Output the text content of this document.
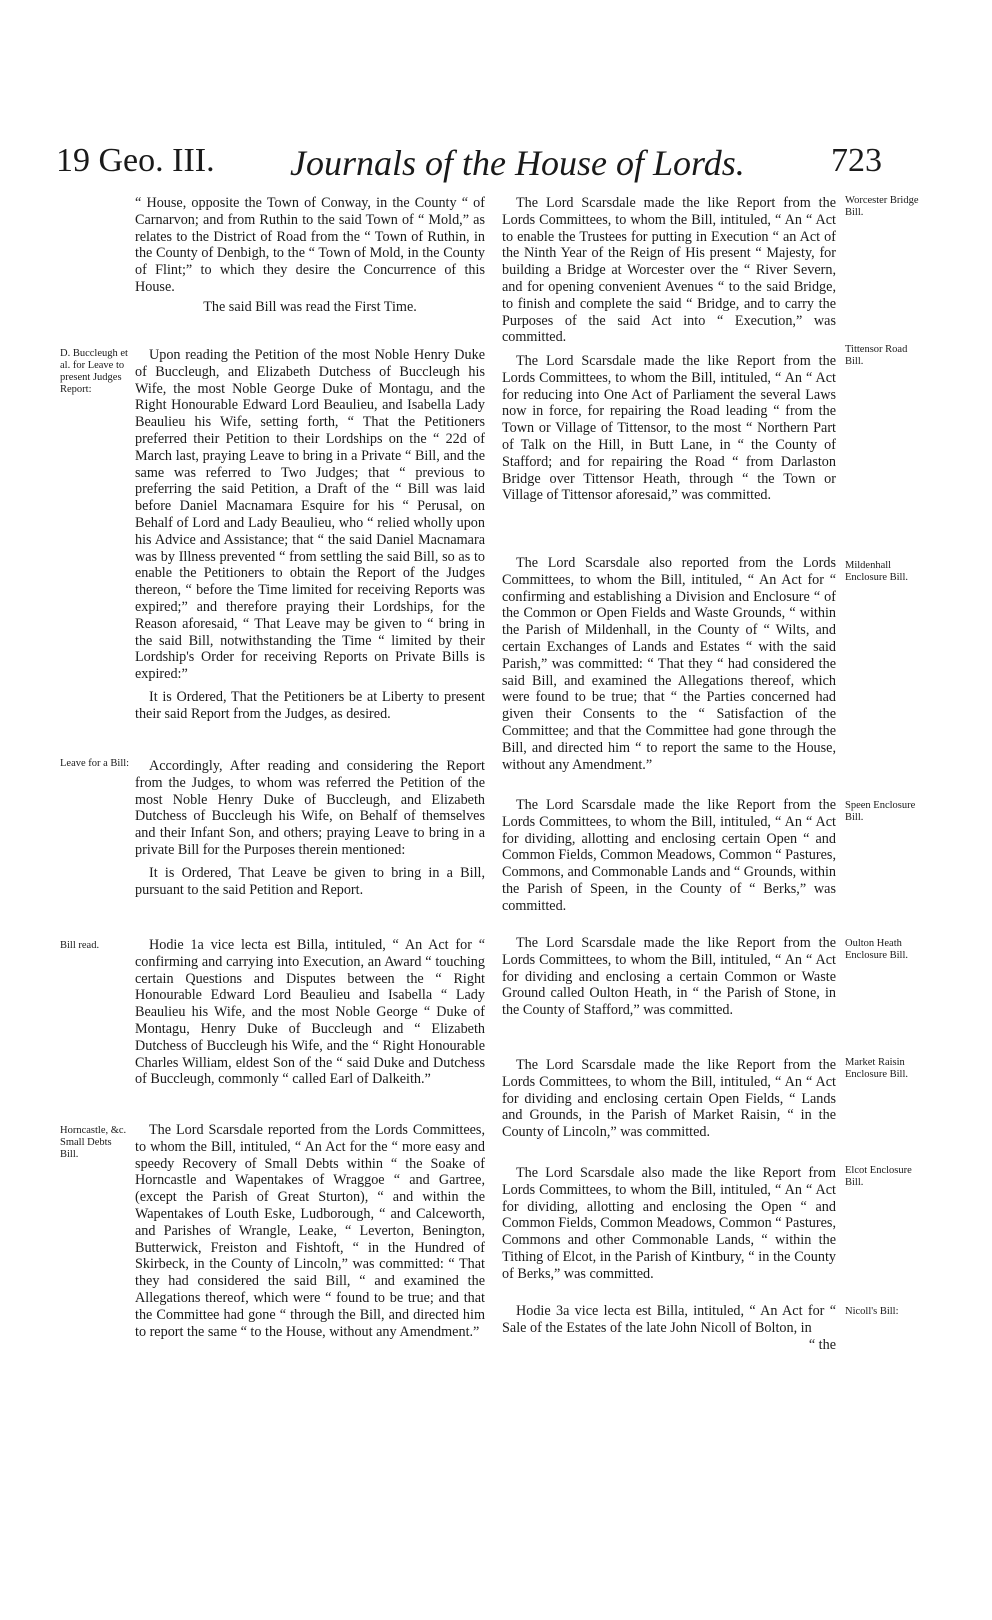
19 Geo. III. Journals of the House of Lords.	723
D. Buccleugh et al. for Leave to present Judges Report:
Leave for a Bill:
Bill read.
Horncastle, &c. Small Debts Bill.
Worcester Bridge Bill.
Tittensor Road Bill.
Mildenhall Enclosure Bill.
Speen Enclosure Bill.
Oulton Heath Enclosure Bill.
Market Raisin Enclosure Bill.
Elcot Enclosure Bill.
Nicoll's Bill:

“ House, opposite the Town of Conway, in the County “ of Carnarvon; and from Ruthin to the said Town of “ Mold,” as relates to the District of Road from the “ Town of Ruthin, in the County of Denbigh, to the “ Town of Mold, in the County of Flint;” to which they desire the Concurrence of this House.

The said Bill was read the First Time.

Upon reading the Petition of the most Noble Henry Duke of Buccleugh, and Elizabeth Dutchess of Buccleugh his Wife, the most Noble George Duke of Montagu, and the Right Honourable Edward Lord Beaulieu, and Isabella Lady Beaulieu his Wife, setting forth, “ That the Petitioners preferred their Petition to their Lordships on the “ 22d of March last, praying Leave to bring in a Private “ Bill, and the same was referred to Two Judges; that “ previous to preferring the said Petition, a Draft of the “ Bill was laid before Daniel Macnamara Esquire for his “ Perusal, on Behalf of Lord and Lady Beaulieu, who “ relied wholly upon his Advice and Assistance; that “ the said Daniel Macnamara was by Illness prevented “ from settling the said Bill, so as to enable the Petitioners to obtain the Report of the Judges thereon, “ before the Time limited for receiving Reports was expired;” and therefore praying their Lordships, for the Reason aforesaid, “ That Leave may be given to “ bring in the said Bill, notwithstanding the Time “ limited by their Lordship's Order for receiving Reports on Private Bills is expired:”

It is Ordered, That the Petitioners be at Liberty to present their said Report from the Judges, as desired.

Accordingly, After reading and considering the Report from the Judges, to whom was referred the Petition of the most Noble Henry Duke of Buccleugh, and Elizabeth Dutchess of Buccleugh his Wife, on Behalf of themselves and their Infant Son, and others; praying Leave to bring in a private Bill for the Purposes therein mentioned:

It is Ordered, That Leave be given to bring in a Bill, pursuant to the said Petition and Report.

Hodie 1a vice lecta est Billa, intituled, “ An Act for “ confirming and carrying into Execution, an Award “ touching certain Questions and Disputes between the “ Right Honourable Edward Lord Beaulieu and Isabella “ Lady Beaulieu his Wife, and the most Noble George “ Duke of Montagu, Henry Duke of Buccleugh and “ Elizabeth Dutchess of Buccleugh his Wife, and the “ Right Honourable Charles William, eldest Son of the “ said Duke and Dutchess of Buccleugh, commonly “ called Earl of Dalkeith.”

The Lord Scarsdale reported from the Lords Committees, to whom the Bill, intituled, “ An Act for the “ more easy and speedy Recovery of Small Debts within “ the Soake of Horncastle and Wapentakes of Wraggoe “ and Gartree, (except the Parish of Great Sturton), “ and within the Wapentakes of Louth Eske, Ludborough, “ and Calceworth, and Parishes of Wrangle, Leake, “ Leverton, Benington, Butterwick, Freiston and Fishtoft, “ in the Hundred of Skirbeck, in the County of Lincoln,” was committed: “ That they had considered the said Bill, “ and examined the Allegations thereof, which were “ found to be true; and that the Committee had gone “ through the Bill, and directed him to report the same “ to the House, without any Amendment.”

The Lord Scarsdale made the like Report from the Lords Committees, to whom the Bill, intituled, “ An “ Act to enable the Trustees for putting in Execution “ an Act of the Ninth Year of the Reign of His present “ Majesty, for building a Bridge at Worcester over the “ River Severn, and for opening convenient Avenues “ to the said Bridge, to finish and complete the said “ Bridge, and to carry the Purposes of the said Act into “ Execution,” was committed.

The Lord Scarsdale made the like Report from the Lords Committees, to whom the Bill, intituled, “ An “ Act for reducing into One Act of Parliament the several Laws now in force, for repairing the Road leading “ from the Town or Village of Tittensor, to the most “ Northern Part of Talk on the Hill, in Butt Lane, in “ the County of Stafford; and for repairing the Road “ from Darlaston Bridge over Tittensor Heath, through “ the Town or Village of Tittensor aforesaid,” was committed.

The Lord Scarsdale also reported from the Lords Committees, to whom the Bill, intituled, “ An Act for “ confirming and establishing a Division and Enclosure “ of the Common or Open Fields and Waste Grounds, “ within the Parish of Mildenhall, in the County of “ Wilts, and certain Exchanges of Lands and Estates “ with the said Parish,” was committed: “ That they “ had considered the said Bill, and examined the Allegations thereof, which were found to be true; that “ the Parties concerned had given their Consents to the “ Satisfaction of the Committee; and that the Committee had gone through the Bill, and directed him “ to report the same to the House, without any Amendment.”

The Lord Scarsdale made the like Report from the Lords Committees, to whom the Bill, intituled, “ An “ Act for dividing, allotting and enclosing certain Open “ and Common Fields, Common Meadows, Common “ Pastures, Commons, and Commonable Lands and “ Grounds, within the Parish of Speen, in the County of “ Berks,” was committed.

The Lord Scarsdale made the like Report from the Lords Committees, to whom the Bill, intituled, “ An “ Act for dividing and enclosing a certain Common or Waste Ground called Oulton Heath, in “ the Parish of Stone, in the County of Stafford,” was committed.

The Lord Scarsdale made the like Report from the Lords Committees, to whom the Bill, intituled, “ An “ Act for dividing and enclosing certain Open Fields, “ Lands and Grounds, in the Parish of Market Raisin, “ in the County of Lincoln,” was committed.

The Lord Scarsdale also made the like Report from Lords Committees, to whom the Bill, intituled, “ An “ Act for dividing, allotting and enclosing the Open “ and Common Fields, Common Meadows, Common “ Pastures, Commons and other Commonable Lands, “ within the Tithing of Elcot, in the Parish of Kintbury, “ in the County of Berks,” was committed.

Hodie 3a vice lecta est Billa, intituled, “ An Act for “ Sale of the Estates of the late John Nicoll of Bolton, in

“ the
